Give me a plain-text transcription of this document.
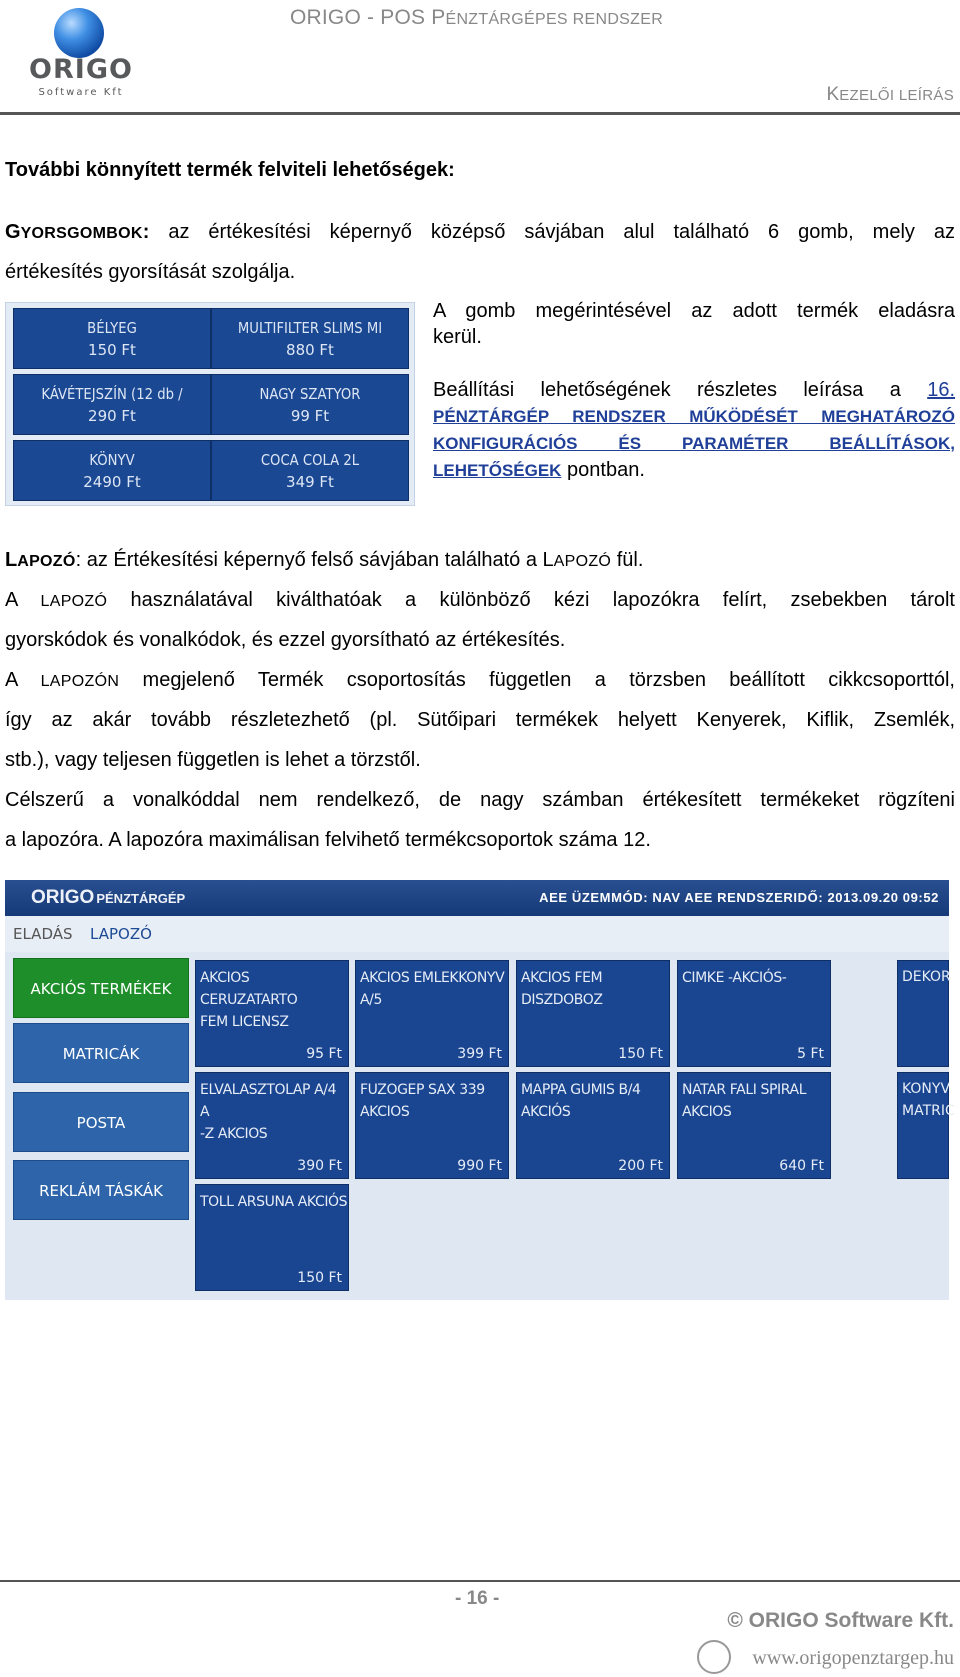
ORIGO
Software Kft
ORIGO - POS PÉNZTÁRGÉPES RENDSZER
KEZELŐI LEÍRÁS
További könnyített termék felviteli lehetőségek:
GYORSGOMBOK: az értékesítési képernyő középső sávjában alul található 6 gomb, mely az
értékesítés gyorsítását szolgálja.
BÉLYEG
150 Ft
MULTIFILTER SLIMS MI
880 Ft
KÁVÉTEJSZÍN (12 db /
290 Ft
NAGY SZATYOR
99 Ft
KÖNYV
2490 Ft
COCA COLA 2L
349 Ft
A gomb megérintésével az adott termék eladásra
kerül.
Beállítási lehetőségének részletes leírása a 16.
PÉNZTÁRGÉP RENDSZER MŰKÖDÉSÉT MEGHATÁROZÓ
KONFIGURÁCIÓS ÉS PARAMÉTER BEÁLLÍTÁSOK,
LEHETŐSÉGEK pontban.
LAPOZÓ: az Értékesítési képernyő felső sávjában található a LAPOZÓ fül.
A LAPOZÓ használatával kiválthatóak a különböző kézi lapozókra felírt, zsebekben tárolt
gyorskódok és vonalkódok, és ezzel gyorsítható az értékesítés.
A LAPOZÓN megjelenő Termék csoportosítás független a törzsben beállított cikkcsoporttól,
így az akár tovább részletezhető (pl. Sütőipari termékek helyett Kenyerek, Kiflik, Zsemlék,
stb.), vagy teljesen független is lehet a törzstől.
Célszerű a vonalkóddal nem rendelkező, de nagy számban értékesített termékeket rögzíteni
a lapozóra. A lapozóra maximálisan felvihető termékcsoportok száma 12.
ORIGO PÉNZTÁRGÉP	AEE ÜZEMMÓD: NAV AEE RENDSZERIDŐ: 2013.09.20 09:52
ELADÁS LAPOZÓ
AKCIÓS TERMÉKEK
MATRICÁK
POSTA
REKLÁM TÁSKÁK
AKCIOS CERUZATARTO
FEM LICENSZ
95 Ft
AKCIOS EMLEKKONYV
A/5
399 Ft
AKCIOS FEM
DISZDOBOZ
150 Ft
CIMKE -AKCIÓS-
5 Ft
DEKOR
ELVALASZTOLAP A/4 A
-Z AKCIOS
390 Ft
FUZOGEP SAX 339
AKCIOS
990 Ft
MAPPA GUMIS B/4
AKCIÓS
200 Ft
NATAR FALI SPIRAL
AKCIOS
640 Ft
KONYV
MATRIC
TOLL ARSUNA AKCIÓS
150 Ft
- 16 -
© ORIGO Software Kft.
www.origopenztargep.hu
